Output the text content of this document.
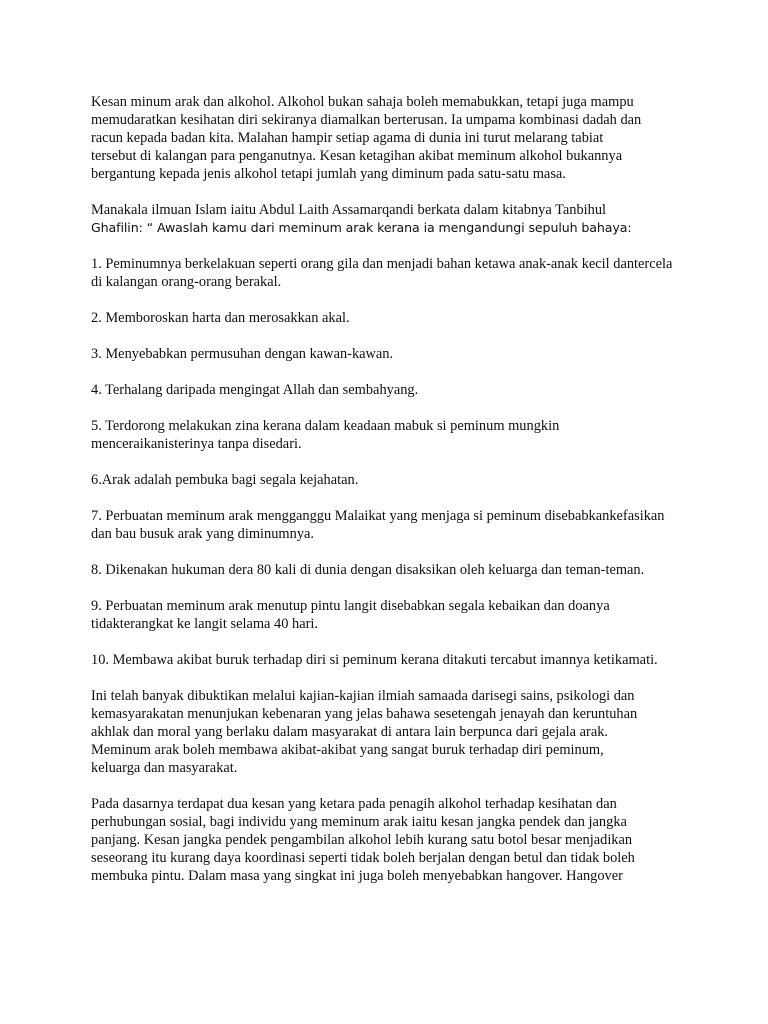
Kesan minum arak dan alkohol. Alkohol bukan sahaja boleh memabukkan, tetapi juga mampu
memudaratkan kesihatan diri sekiranya diamalkan berterusan. Ia umpama kombinasi dadah dan
racun kepada badan kita. Malahan hampir setiap agama di dunia ini turut melarang tabiat
tersebut di kalangan para penganutnya. Kesan ketagihan akibat meminum alkohol bukannya
bergantung kepada jenis alkohol tetapi jumlah yang diminum pada satu-satu masa.

Manakala ilmuan Islam iaitu Abdul Laith Assamarqandi berkata dalam kitabnya Tanbihul
Ghafilin: “ Awaslah kamu dari meminum arak kerana ia mengandungi sepuluh bahaya:

1. Peminumnya berkelakuan seperti orang gila dan menjadi bahan ketawa anak-anak kecil dantercela di kalangan orang-orang berakal.
2. Memboroskan harta dan merosakkan akal.
3. Menyebabkan permusuhan dengan kawan-kawan.
4. Terhalang daripada mengingat Allah dan sembahyang.
5. Terdorong melakukan zina kerana dalam keadaan mabuk si peminum mungkin menceraikanisterinya tanpa disedari.
6.Arak adalah pembuka bagi segala kejahatan.
7. Perbuatan meminum arak mengganggu Malaikat yang menjaga si peminum disebabkankefasikan dan bau busuk arak yang diminumnya.
8. Dikenakan hukuman dera 80 kali di dunia dengan disaksikan oleh keluarga dan teman-teman.
9. Perbuatan meminum arak menutup pintu langit disebabkan segala kebaikan dan doanya tidakterangkat ke langit selama 40 hari.
10. Membawa akibat buruk terhadap diri si peminum kerana ditakuti tercabut imannya ketikamati.

Ini telah banyak dibuktikan melalui kajian-kajian ilmiah samaada darisegi sains, psikologi dan
kemasyarakatan menunjukan kebenaran yang jelas bahawa sesetengah jenayah dan keruntuhan
akhlak dan moral yang berlaku dalam masyarakat di antara lain berpunca dari gejala arak.
Meminum arak boleh membawa akibat-akibat yang sangat buruk terhadap diri peminum,
keluarga dan masyarakat.

Pada dasarnya terdapat dua kesan yang ketara pada penagih alkohol terhadap kesihatan dan
perhubungan sosial, bagi individu yang meminum arak iaitu kesan jangka pendek dan jangka
panjang. Kesan jangka pendek pengambilan alkohol lebih kurang satu botol besar menjadikan
seseorang itu kurang daya koordinasi seperti tidak boleh berjalan dengan betul dan tidak boleh
membuka pintu. Dalam masa yang singkat ini juga boleh menyebabkan hangover. Hangover
